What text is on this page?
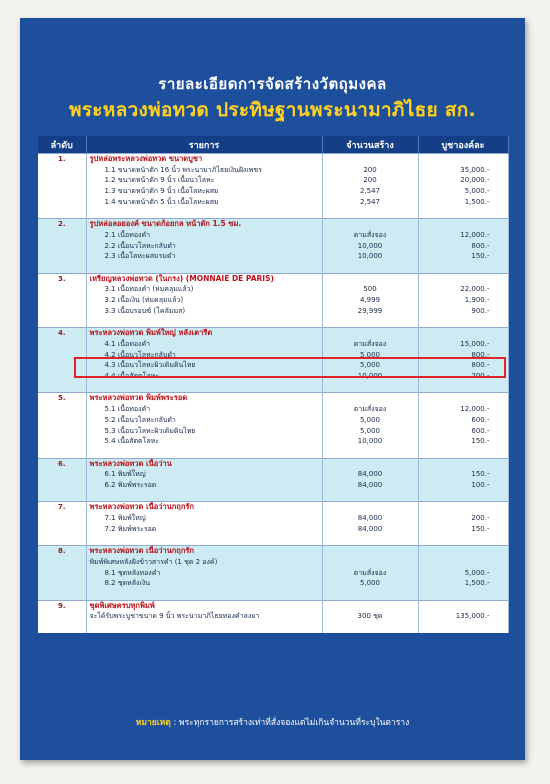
รายละเอียดการจัดสร้างวัตถุมงคล
พระหลวงพ่อทวด ประทิษฐานพระนามาภิไธย สก.
ลำดับ	รายการ	จำนวนสร้าง	บูชาองค์ละ
1.	รูปหล่อพระหลวงพ่อทวด ขนาดบูชา		
	1.1 ขนาดหน้าตัก 16 นิ้ว พระนามาภิไธยเงินฝังเพชร	200	35,000.-
	1.2 ขนาดหน้าตัก 9 นิ้ว เนื้อนวโลหะ	200	20,000.-
	1.3 ขนาดหน้าตัก 9 นิ้ว เนื้อโลหะผสม	2,547	5,000.-
	1.4 ขนาดหน้าตัก 5 นิ้ว เนื้อโลหะผสม	2,547	1,500.-

2.	รูปหล่อลอยองค์ ขนาดก้อยกล หน้าตัก 1.5 ซม.		
	2.1 เนื้อทองคำ	ตามสั่งจอง	12,000.-
	2.2 เนื้อนวโลหะกลับดำ	10,000	800.-
	2.3 เนื้อโลหะผสมรมดำ	10,000	150.-

3.	เหรียญหลวงพ่อทวด (ในกรง) (MONNAIE DE PARIS)		
	3.1 เนื้อทองคำ (ห่มคลุมแล้ว)	500	22,000.-
	3.2 เนื้อเงิน (ห่มคลุมแล้ว)	4,999	1,900.-
	3.3 เนื้อบรอนซ์ (โคลัมมส)	29,999	900.-

4.	พระหลวงพ่อทวด พิมพ์ใหญ่ หลังเตารีด		
	4.1 เนื้อทองคำ	ตามสั่งจอง	15,000.-
	4.2 เนื้อนวโลหะกลับดำ	5,000	800.-
	4.3 เนื้อนวโลหะผิวเดิมดินไทย	5,000	800.-
	4.4 เนื้อสัตตโลหะ	10,000	200.-

5.	พระหลวงพ่อทวด พิมพ์พระรอด		
	5.1 เนื้อทองคำ	ตามสั่งจอง	12,000.-
	5.2 เนื้อนวโลหะกลับดำ	5,000	600.-
	5.3 เนื้อนวโลหะผิวเดิมดินไทย	5,000	600.-
	5.4 เนื้อสัตตโลหะ	10,000	150.-

6.	พระหลวงพ่อทวด เนื้อว่าน		
	6.1 พิมพ์ใหญ่	84,000	150.-
	6.2 พิมพ์พระรอด	84,000	100.-

7.	พระหลวงพ่อทวด เนื้อว่านกฤกรัก		
	7.1 พิมพ์ใหญ่	84,000	200.-
	7.2 พิมพ์พระรอด	84,000	150.-

8.	พระหลวงพ่อทวด เนื้อว่านกฤกรัก		
	พิมพ์พิเศษหลังฝังข้าวสารคำ (1 ชุด 2 องค์)		
	8.1 ชุดหลังทองคำ	ตามสั่งจอง	5,000.-
	8.2 ชุดหลังเงิน	5,000	1,500.-

9.	ชุดพิเศษครบทุกพิมพ์		
	จะได้รับพระบูชาขนาด 9 นิ้ว พระนามาภิไธยทองคำลงยา	300 ชุด	135,000.-

หมายเหตุ : พระทุกรายการสร้างเท่าที่สั่งจองแต่ไม่เกินจำนวนที่ระบุในตาราง
